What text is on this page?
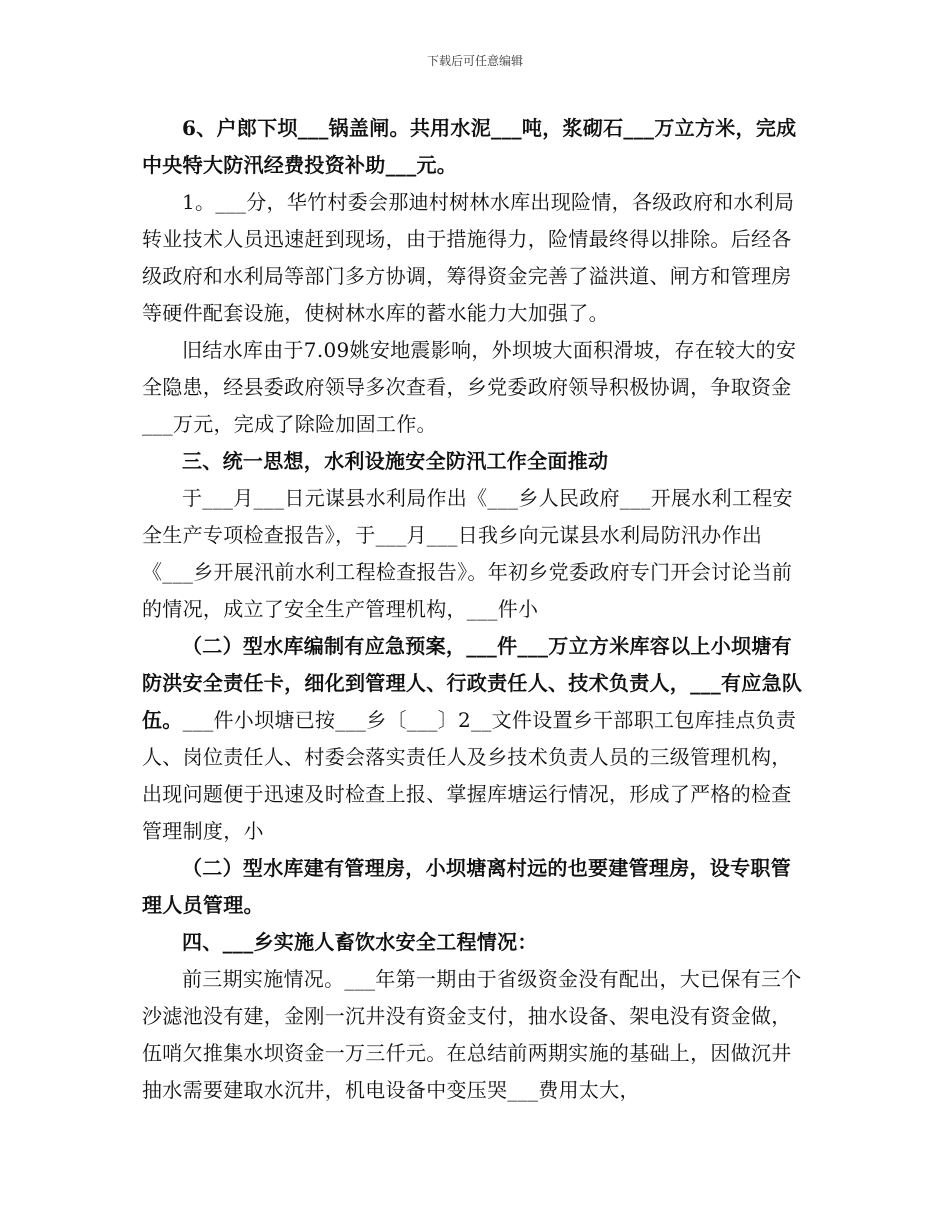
下载后可任意编辑

6、户郎下坝___锅盖闸。共用水泥___吨，浆砌石___万立方米，完成中央特大防汛经费投资补助___元。

1。___分，华竹村委会那迪村树林水库出现险情，各级政府和水利局转业技术人员迅速赶到现场，由于措施得力，险情最终得以排除。后经各级政府和水利局等部门多方协调，筹得资金完善了溢洪道、闸方和管理房等硬件配套设施，使树林水库的蓄水能力大加强了。

旧结水库由于7.09姚安地震影响，外坝坡大面积滑坡，存在较大的安全隐患，经县委政府领导多次查看，乡党委政府领导积极协调，争取资金___万元，完成了除险加固工作。

三、统一思想，水利设施安全防汛工作全面推动

于___月___日元谋县水利局作出《___乡人民政府___开展水利工程安全生产专项检查报告》，于___月___日我乡向元谋县水利局防汛办作出《___乡开展汛前水利工程检查报告》。年初乡党委政府专门开会讨论当前的情况，成立了安全生产管理机构，___件小

（二）型水库编制有应急预案，___件___万立方米库容以上小坝塘有防洪安全责任卡，细化到管理人、行政责任人、技术负责人，___有应急队伍。___件小坝塘已按___乡〔___〕2__文件设置乡干部职工包库挂点负责人、岗位责任人、村委会落实责任人及乡技术负责人员的三级管理机构，出现问题便于迅速及时检查上报、掌握库塘运行情况，形成了严格的检查管理制度，小

（二）型水库建有管理房，小坝塘离村远的也要建管理房，设专职管理人员管理。

四、___乡实施人畜饮水安全工程情况：

前三期实施情况。___年第一期由于省级资金没有配出，大已保有三个沙滤池没有建，金刚一沉井没有资金支付，抽水设备、架电没有资金做，伍哨欠推集水坝资金一万三仟元。在总结前两期实施的基础上，因做沉井抽水需要建取水沉井，机电设备中变压哭___费用太大，
